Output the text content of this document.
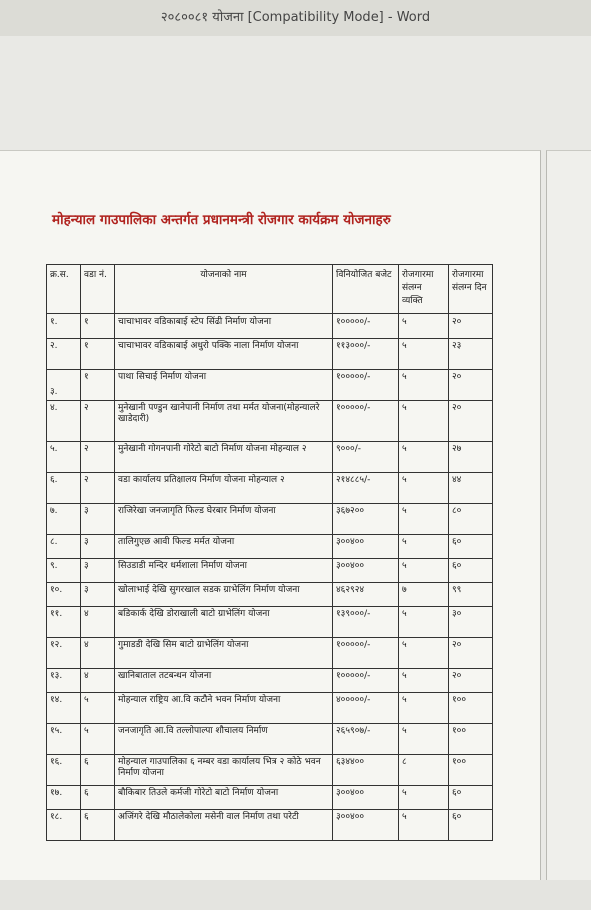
२०८००८१ योजना [Compatibility Mode] - Word
मोहन्याल गाउपालिका अन्तर्गत प्रधानमन्त्री रोजगार कार्यक्रम योजनाहरु
क्र.स.	वडा नं.	योजनाको नाम	विनियोजित बजेट	रोजगारमा संलग्न व्यक्ति	रोजगारमा संलग्न दिन
१.	१	चाचाभावर वडिकाबाई स्टेप सिंढी निर्माण योजना	१०००००/-	५	२०
२.	१	चाचाभावर वडिकाबाई अधुरो पक्कि नाला निर्माण योजना	११३०००/-	५	२३
३.	१	पाथा सिचाई निर्माण योजना	१०००००/-	५	२०
४.	२	मुनेखानी पण्डुन खानेपानी निर्माण तथा मर्मत योजना(मोहन्यालरे खाडेदारी)	१०००००/-	५	२०
५.	२	मुनेखानी गोगनपानी गोरेटो बाटो निर्माण योजना मोहन्याल २	९०००/-	५	२७
६.	२	वडा कार्यालय प्रतिक्षालय निर्माण योजना मोहन्याल २	२१४८८५/-	५	४४
७.	३	राजिरेखा जनजागृति फिल्ड घेरबार निर्माण योजना	३६७२००	५	८०
८.	३	तालिगुएछ आवी फिल्ड मर्मत योजना	३००४००	५	६०
९.	३	सिउडाडी मन्दिर धर्मशाला निर्माण योजना	३००४००	५	६०
१०.	३	खोलाभाई देखि सुगरखाल सडक ग्राभेलिंग निर्माण योजना	४६२९२४	७	९९
११.	४	बडिकार्क देखि डोराखाली बाटो ग्राभेलिंग योजना	१३९०००/-	५	३०
१२.	४	गुमाडडी देखि सिम बाटो ग्राभेलिंग योजना	१०००००/-	५	२०
१३.	४	खानिबाताल तटबन्धन योजना	१०००००/-	५	२०
१४.	५	मोहन्याल राष्ट्रिय आ.वि कटौने भवन निर्माण योजना	४०००००/-	५	१००
१५.	५	जनजागृति आ.वि तल्लोपाल्पा शौचालय निर्माण	२६५९०७/-	५	१००
१६.	६	मोहन्याल गाउपालिका ६ नम्बर वडा कार्यालय भित्र २ कोठे भवन निर्माण योजना	६३४४००	८	१००
१७.	६	बौकिबार तिउले कर्मजी गोरेटो बाटो निर्माण योजना	३००४००	५	६०
१८.	६	अजिंगरे देखि मौठालेकोला मसेनी वाल निर्माण तथा परेटी	३००४००	५	६०
